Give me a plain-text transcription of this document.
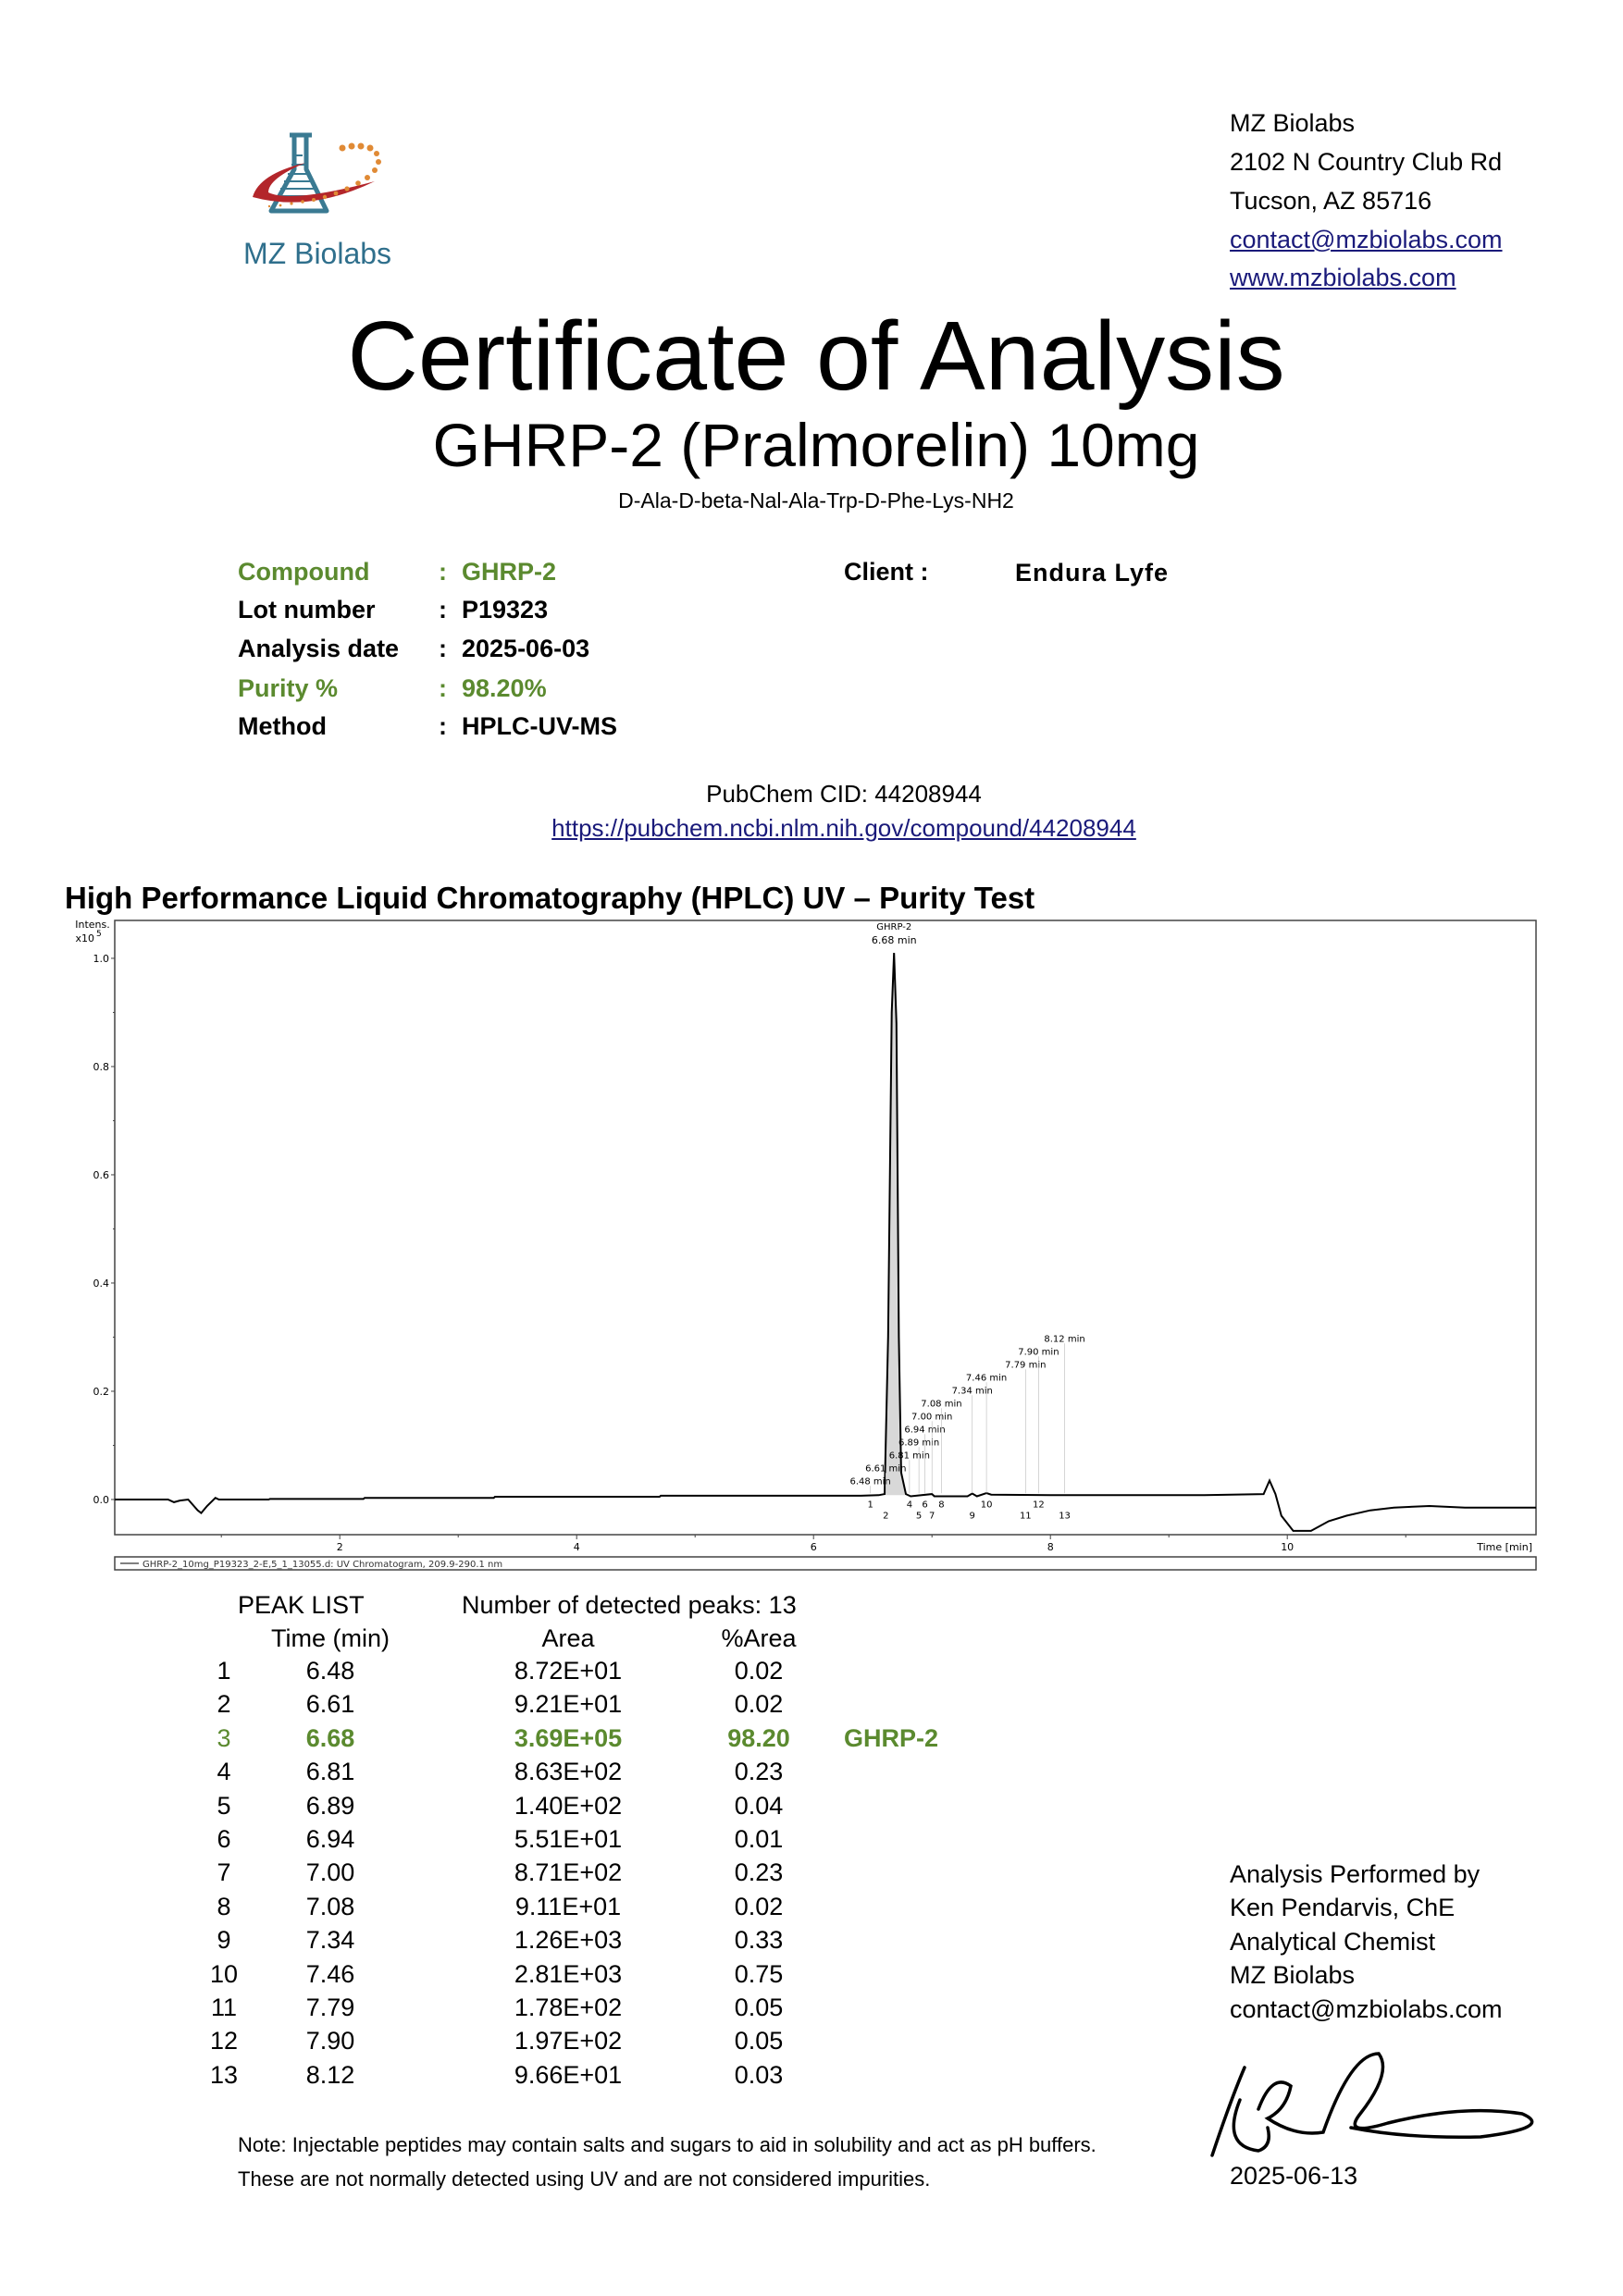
MZ Biolabs
MZ Biolabs
2102 N Country Club Rd
Tucson, AZ 85716
contact@mzbiolabs.com
www.mzbiolabs.com
Certificate of Analysis
GHRP-2 (Pralmorelin) 10mg
D-Ala-D-beta-Nal-Ala-Trp-D-Phe-Lys-NH2
Compound	: GHRP-2
Lot number	: P19323
Analysis date : 2025-06-03
Purity %	: 98.20%
Method	: HPLC-UV-MS
Client :	Endura Lyfe
PubChem CID: 44208944
https://pubchem.ncbi.nlm.nih.gov/compound/44208944
High Performance Liquid Chromatography (HPLC) UV – Purity Test
Intens.
x10 5
Time [min]
0.0
0.2
0.4
0.6
0.8
1.0
2	4	6	8	10
GHRP-2
6.68 min
6.48 min
1
6.61 min
2
6.81 min
4
6.89 min
5
6.94 min
6
7.00 min
7
7.08 min
8
7.34 min
9
7.46 min
10
7.79 min
11
7.90 min
12
8.12 min
13
GHRP-2_10mg_P19323_2-E,5_1_13055.d: UV Chromatogram, 209.9-290.1 nm
PEAK LIST	Number of detected peaks: 13
Time (min)	Area	%Area
1	6.48	8.72E+01	0.02
2	6.61	9.21E+01	0.02
3	6.68	3.69E+05	98.20 GHRP-2
4	6.81	8.63E+02	0.23
5	6.89	1.40E+02	0.04
6	6.94	5.51E+01	0.01
7	7.00	8.71E+02	0.23
8	7.08	9.11E+01	0.02
9	7.34	1.26E+03	0.33
10	7.46	2.81E+03	0.75
11	7.79	1.78E+02	0.05
12	7.90	1.97E+02	0.05
13	8.12	9.66E+01	0.03
Analysis Performed by
Ken Pendarvis, ChE
Analytical Chemist
MZ Biolabs
contact@mzbiolabs.com
2025-06-13
Note: Injectable peptides may contain salts and sugars to aid in solubility and act as pH buffers.
These are not normally detected using UV and are not considered impurities.
